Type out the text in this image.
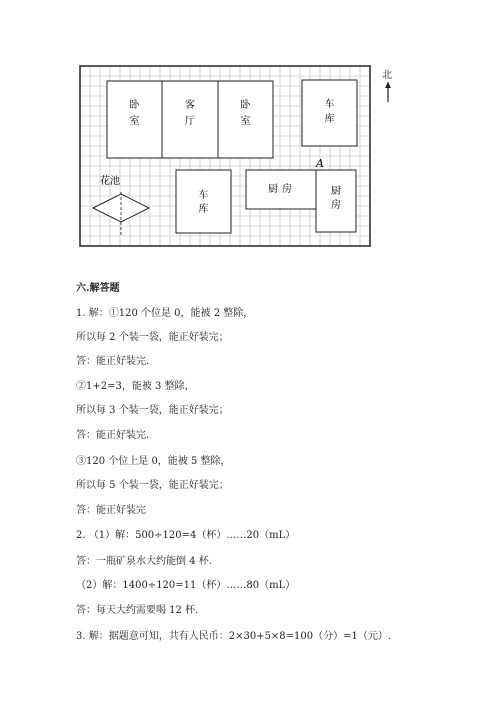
北
卧
室
客
厅
卧
室
车
库
车
库
厨 房	厨
房
A
花池
六.解答题
1. 解：①120 个位是 0，能被 2 整除，
所以每 2 个装一袋，能正好装完；
答：能正好装完.
②1+2=3，能被 3 整除，
所以每 3 个装一袋，能正好装完；
答：能正好装完.
③120 个位上是 0，能被 5 整除，
所以每 5 个装一袋，能正好装完；
答：能正好装完
2. （1）解：500÷120=4（杯）……20（mL）
答：一瓶矿泉水大约能倒 4 杯.
（2）解：1400÷120=11（杯）……80（mL）
答：每天大约需要喝 12 杯.
3. 解：据题意可知，共有人民币：2×30+5×8=100（分）=1（元）.
